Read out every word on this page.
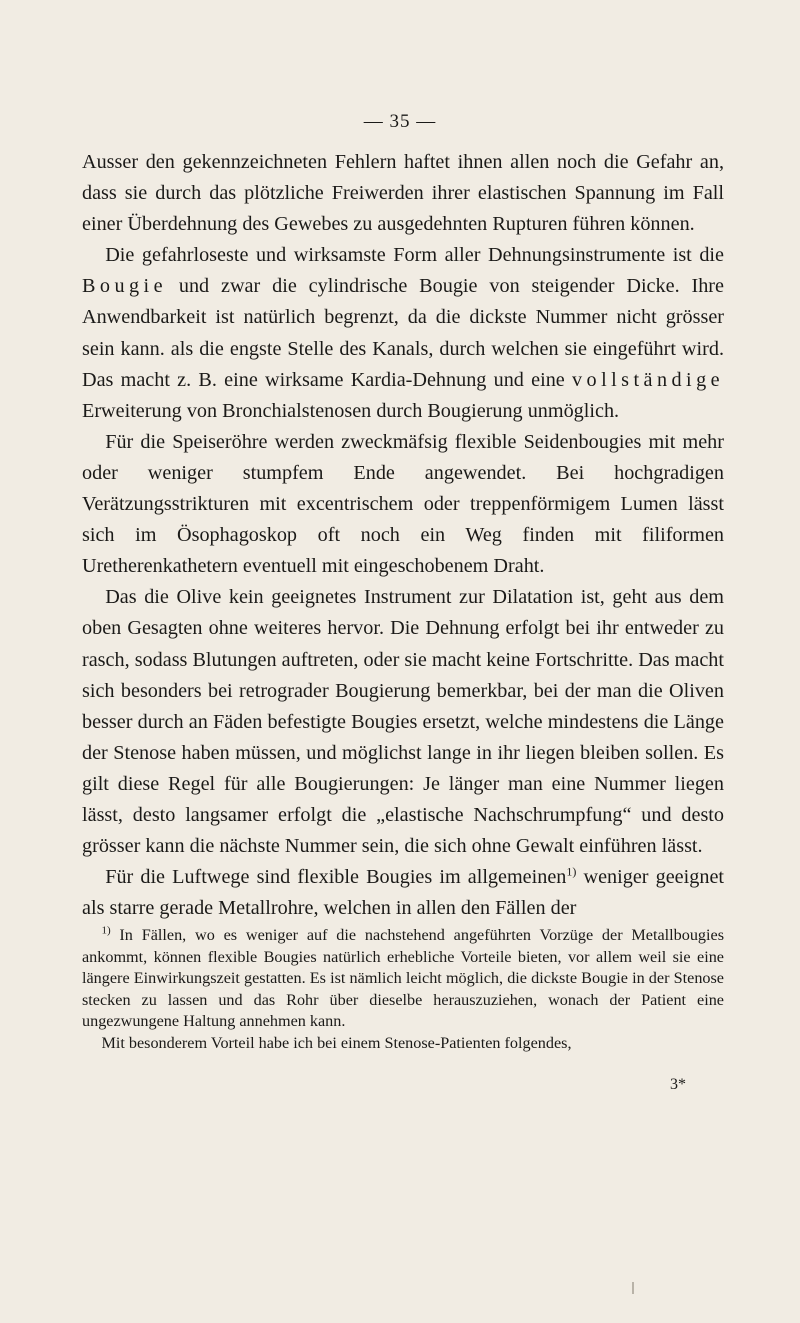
— 35 —

Ausser den gekennzeichneten Fehlern haftet ihnen allen noch die Gefahr an, dass sie durch das plötzliche Freiwerden ihrer elastischen Spannung im Fall einer Überdehnung des Gewebes zu ausgedehnten Rupturen führen können.

Die gefahrloseste und wirksamste Form aller Dehnungsinstrumente ist die Bougie und zwar die cylindrische Bougie von steigender Dicke. Ihre Anwendbarkeit ist natürlich begrenzt, da die dickste Nummer nicht grösser sein kann. als die engste Stelle des Kanals, durch welchen sie eingeführt wird. Das macht z. B. eine wirksame Kardia-Dehnung und eine vollständige Erweiterung von Bronchialstenosen durch Bougierung unmöglich.

Für die Speiseröhre werden zweckmäfsig flexible Seidenbougies mit mehr oder weniger stumpfem Ende angewendet. Bei hochgradigen Verätzungsstrikturen mit excentrischem oder treppenförmigem Lumen lässt sich im Ösophagoskop oft noch ein Weg finden mit filiformen Uretherenkathetern eventuell mit eingeschobenem Draht.

Das die Olive kein geeignetes Instrument zur Dilatation ist, geht aus dem oben Gesagten ohne weiteres hervor. Die Dehnung erfolgt bei ihr entweder zu rasch, sodass Blutungen auftreten, oder sie macht keine Fortschritte. Das macht sich besonders bei retrograder Bougierung bemerkbar, bei der man die Oliven besser durch an Fäden befestigte Bougies ersetzt, welche mindestens die Länge der Stenose haben müssen, und möglichst lange in ihr liegen bleiben sollen. Es gilt diese Regel für alle Bougierungen: Je länger man eine Nummer liegen lässt, desto langsamer erfolgt die „elastische Nachschrumpfung“ und desto grösser kann die nächste Nummer sein, die sich ohne Gewalt einführen lässt.

Für die Luftwege sind flexible Bougies im allgemeinen$^{1)}$ weniger geeignet als starre gerade Metallrohre, welchen in allen den Fällen der

$^{1)}$ In Fällen, wo es weniger auf die nachstehend angeführten Vorzüge der Metallbougies ankommt, können flexible Bougies natürlich erhebliche Vorteile bieten, vor allem weil sie eine längere Einwirkungszeit gestatten. Es ist nämlich leicht möglich, die dickste Bougie in der Stenose stecken zu lassen und das Rohr über dieselbe herauszuziehen, wonach der Patient eine ungezwungene Haltung annehmen kann.

Mit besonderem Vorteil habe ich bei einem Stenose-Patienten folgendes,

3*
